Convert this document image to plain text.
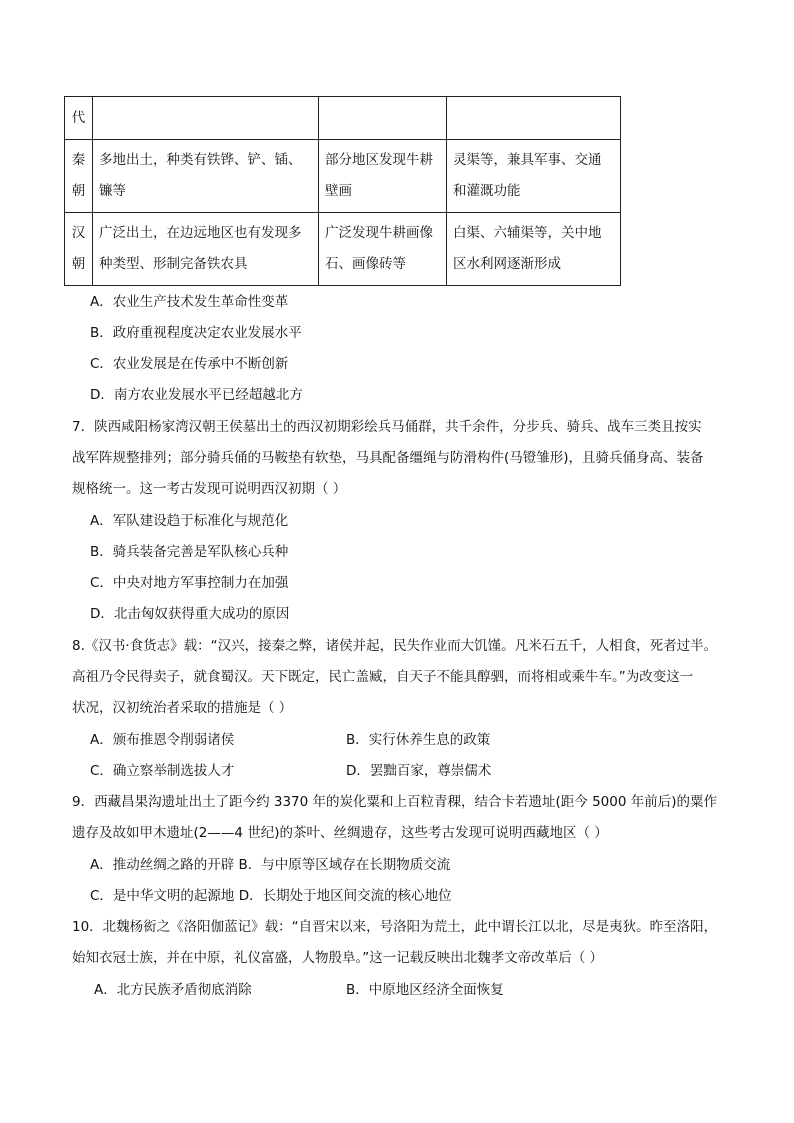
代			
秦朝	多地出土，种类有铁铧、铲、锸、镰等	部分地区发现牛耕壁画	灵渠等，兼具军事、交通和灌溉功能
汉朝	广泛出土，在边远地区也有发现多种类型、形制完备铁农具	广泛发现牛耕画像石、画像砖等	白渠、六辅渠等，关中地区水利网逐渐形成
A．农业生产技术发生革命性变革
B．政府重视程度决定农业发展水平
C．农业发展是在传承中不断创新
D．南方农业发展水平已经超越北方
7．陕西咸阳杨家湾汉朝王侯墓出土的西汉初期彩绘兵马俑群，共千余件，分步兵、骑兵、战车三类且按实
战军阵规整排列；部分骑兵俑的马鞍垫有软垫，马具配备缰绳与防滑构件(马镫雏形)，且骑兵俑身高、装备
规格统一。这一考古发现可说明西汉初期（ ）
A．军队建设趋于标准化与规范化
B．骑兵装备完善是军队核心兵种
C．中央对地方军事控制力在加强
D．北击匈奴获得重大成功的原因
8.《汉书·食货志》载：“汉兴，接秦之弊，诸侯并起，民失作业而大饥馑。凡米石五千，人相食，死者过半。
高祖乃令民得卖子，就食蜀汉。天下既定，民亡盖臧，自天子不能具醇驷，而将相或乘牛车。”为改变这一
状况，汉初统治者采取的措施是（ ）
A．颁布推恩令削弱诸侯	B．实行休养生息的政策
C．确立察举制选拔人才	D．罢黜百家，尊崇儒术
9．西藏昌果沟遗址出土了距今约 3370 年的炭化粟和上百粒青稞，结合卡若遗址(距今 5000 年前后)的粟作
遗存及故如甲木遗址(2——4 世纪)的茶叶、丝绸遗存，这些考古发现可说明西藏地区（ ）
A．推动丝绸之路的开辟 B．与中原等区域存在长期物质交流
C．是中华文明的起源地 D．长期处于地区间交流的核心地位
10．北魏杨衒之《洛阳伽蓝记》载：“自晋宋以来，号洛阳为荒土，此中谓长江以北，尽是夷狄。昨至洛阳，
始知衣冠士族，并在中原，礼仪富盛，人物殷阜。”这一记载反映出北魏孝文帝改革后（ ）
A．北方民族矛盾彻底消除	B．中原地区经济全面恢复
